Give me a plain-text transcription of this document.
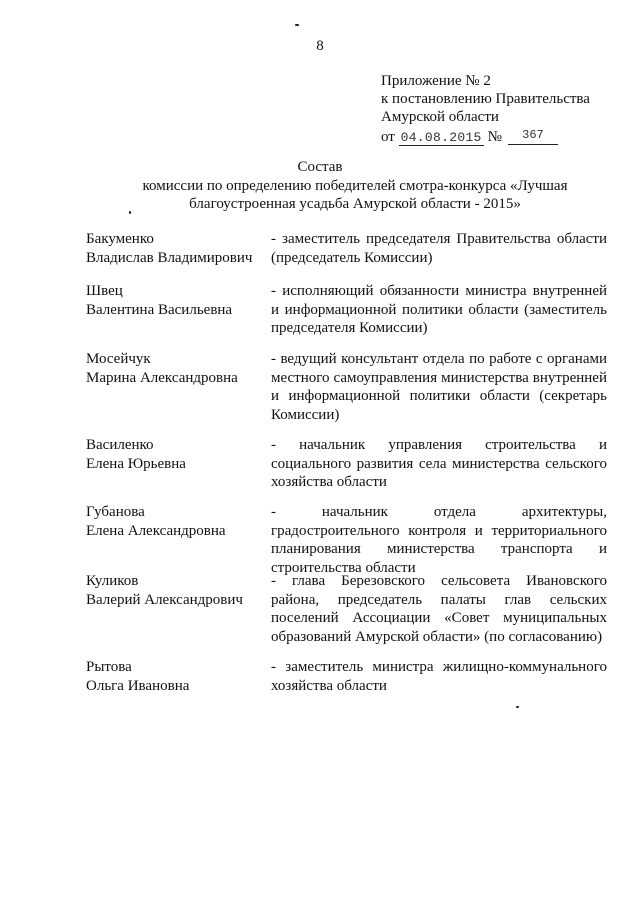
8
Приложение № 2
к постановлению Правительства
Амурской области
от 04.08.2015 № 367
Состав
комиссии по определению победителей смотра-конкурса «Лучшая благоустроенная усадьба Амурской области - 2015»
Бакуменко
Владислав Владимирович
- заместитель председателя Правительства области (председатель Комиссии)
Швец
Валентина Васильевна
- исполняющий обязанности министра внутренней и информационной политики области (заместитель председателя Комиссии)
Мосейчук
Марина Александровна
- ведущий консультант отдела по работе с органами местного самоуправления министерства внутренней и информационной политики области (секретарь Комиссии)
Василенко
Елена Юрьевна
- начальник управления строительства и социального развития села министерства сельского хозяйства области
Губанова
Елена Александровна
- начальник отдела архитектуры, градостроительного контроля и территориального планирования министерства транспорта и строительства области
Куликов
Валерий Александрович
- глава Березовского сельсовета Ивановского района, председатель палаты глав сельских поселений Ассоциации «Совет муниципальных образований Амурской области» (по согласованию)
Рытова
Ольга Ивановна
- заместитель министра жилищно-коммунального хозяйства области
